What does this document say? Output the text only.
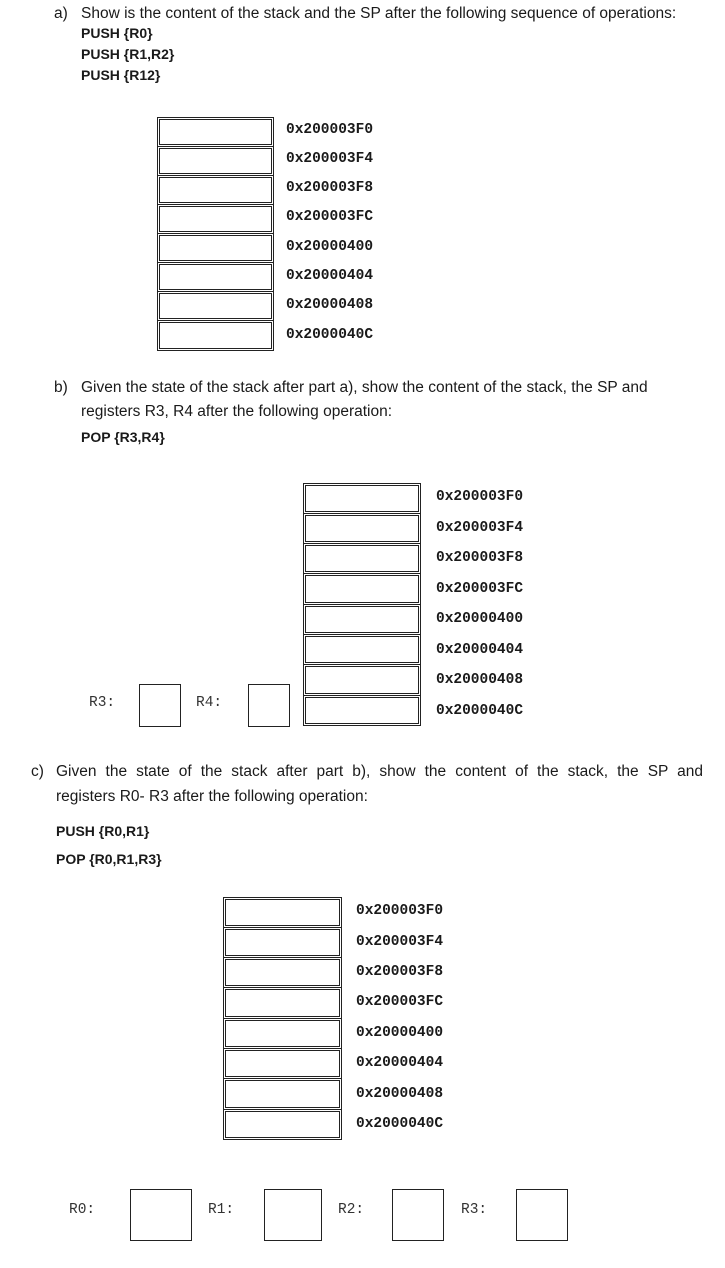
a) Show is the content of the stack and the SP after the following sequence of operations:
PUSH {R0}
PUSH {R1,R2}
PUSH {R12}
0x200003F0
0x200003F4
0x200003F8
0x200003FC
0x20000400
0x20000404
0x20000408
0x2000040C
b) Given the state of the stack after part a), show the content of the stack, the SP and
registers R3, R4 after the following operation:
POP {R3,R4}
0x200003F0
0x200003F4
0x200003F8
0x200003FC
0x20000400
0x20000404
0x20000408
0x2000040C
R3:	R4:
c) Given the state of the stack after part b), show the content of the stack, the SP and
registers R0- R3 after the following operation:
PUSH {R0,R1}
POP {R0,R1,R3}
0x200003F0
0x200003F4
0x200003F8
0x200003FC
0x20000400
0x20000404
0x20000408
0x2000040C
R0:	R1:	R2:	R3:
